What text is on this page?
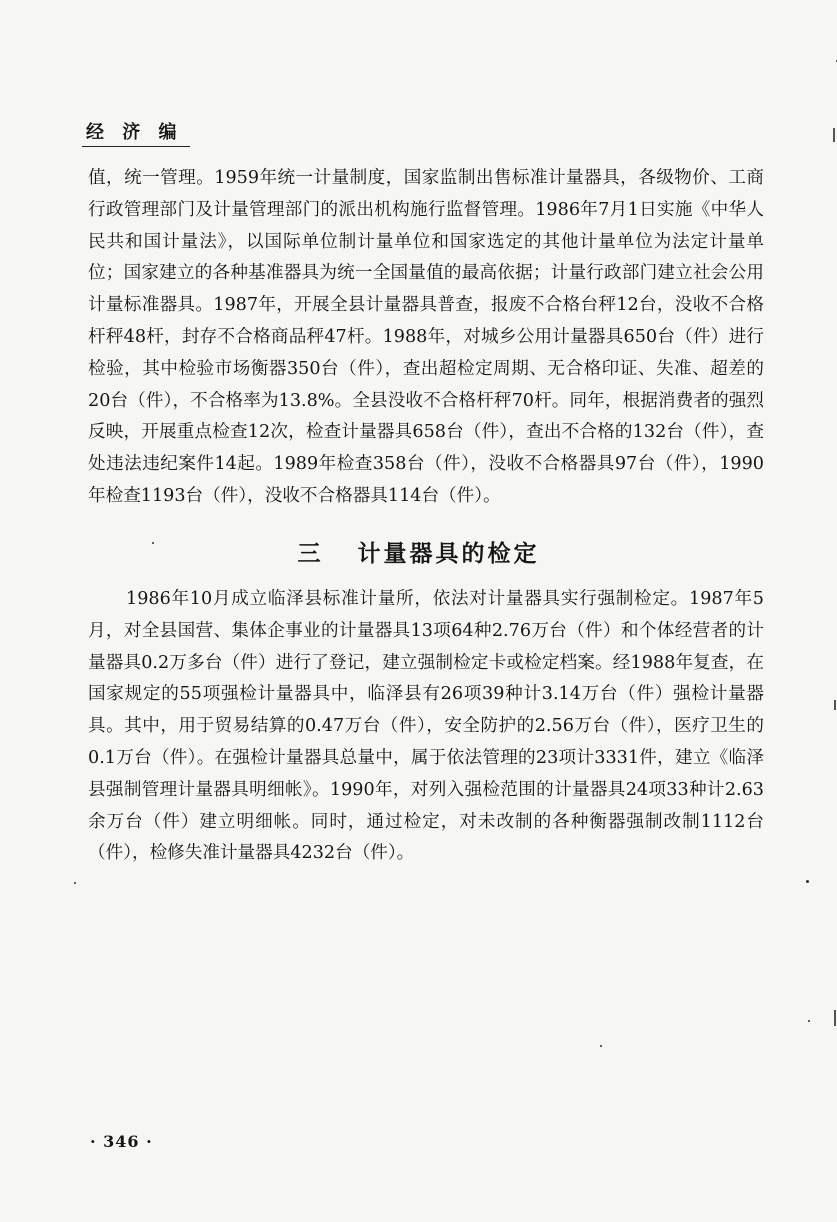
经 济 编

值，统一管理。1959年统一计量制度，国家监制出售标准计量器具，各级物价、工商行政管理部门及计量管理部门的派出机构施行监督管理。1986年7月1日实施《中华人民共和国计量法》，以国际单位制计量单位和国家选定的其他计量单位为法定计量单位；国家建立的各种基准器具为统一全国量值的最高依据；计量行政部门建立社会公用计量标准器具。1987年，开展全县计量器具普查，报废不合格台秤12台，没收不合格杆秤48杆，封存不合格商品秤47杆。1988年，对城乡公用计量器具650台（件）进行检验，其中检验市场衡器350台（件），查出超检定周期、无合格印证、失准、超差的20台（件），不合格率为13.8%。全县没收不合格杆秤70杆。同年，根据消费者的强烈反映，开展重点检查12次，检查计量器具658台（件），查出不合格的132台（件），查处违法违纪案件14起。1989年检查358台（件），没收不合格器具97台（件），1990年检查1193台（件），没收不合格器具114台（件）。

三 计量器具的检定

1986年10月成立临泽县标准计量所，依法对计量器具实行强制检定。1987年5月，对全县国营、集体企事业的计量器具13项64种2.76万台（件）和个体经营者的计量器具0.2万多台（件）进行了登记，建立强制检定卡或检定档案。经1988年复查，在国家规定的55项强检计量器具中，临泽县有26项39种计3.14万台（件）强检计量器具。其中，用于贸易结算的0.47万台（件），安全防护的2.56万台（件），医疗卫生的0.1万台（件）。在强检计量器具总量中，属于依法管理的23项计3331件，建立《临泽县强制管理计量器具明细帐》。1990年，对列入强检范围的计量器具24项33种计2.63余万台（件）建立明细帐。同时，通过检定，对未改制的各种衡器强制改制1112台（件），检修失准计量器具4232台（件）。

· 346 ·
